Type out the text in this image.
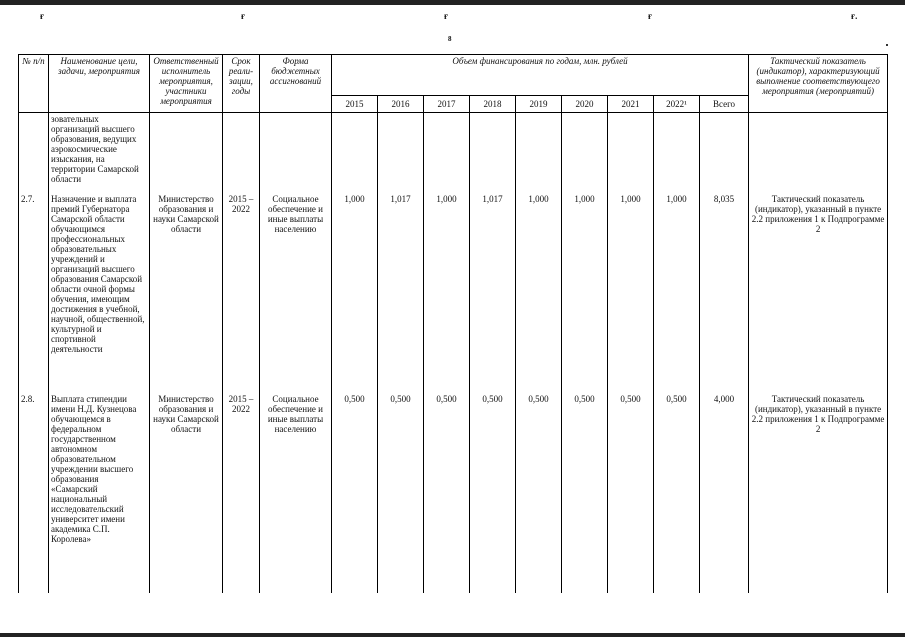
ғ	ғ	ғ	ғ	ғ.
8
№ п/п	Наименование цели, задачи, мероприятия	Ответственный исполнитель мероприятия, участники мероприятия	Срок реали-зации, годы	Форма бюджетных ассигнований	Объем финансирования по годам, млн. рублей									Тактический показатель (индикатор), характеризующий выполнение соответствующего мероприятия (мероприятий)
					2015	2016	2017	2018	2019	2020	2021	2022¹	Всего	
	зовательных организаций высшего образования, ведущих аэрокосмические изыскания, на территории Самарской области													
2.7.	Назначение и выплата премий Губернатора Самарской области обучающимся профессиональных образовательных учреждений и организаций высшего образования Самарской области очной формы обучения, имеющим достижения в учебной, научной, общественной, культурной и спортивной деятельности	Министерство образования и науки Самарской области	2015 – 2022	Социальное обеспечение и иные выплаты населению	1,000	1,017	1,000	1,017	1,000	1,000	1,000	1,000	8,035	Тактический показатель (индикатор), указанный в пункте 2.2 приложения 1 к Подпрограмме 2
2.8.	Выплата стипендии имени Н.Д. Кузнецова обучающемся в федеральном государственном автономном образовательном учреждении высшего образования «Самарский национальный исследовательский университет имени академика С.П. Королева»	Министерство образования и науки Самарской области	2015 – 2022	Социальное обеспечение и иные выплаты населению	0,500	0,500	0,500	0,500	0,500	0,500	0,500	0,500	4,000	Тактический показатель (индикатор), указанный в пункте 2.2 приложения 1 к Подпрограмме 2
